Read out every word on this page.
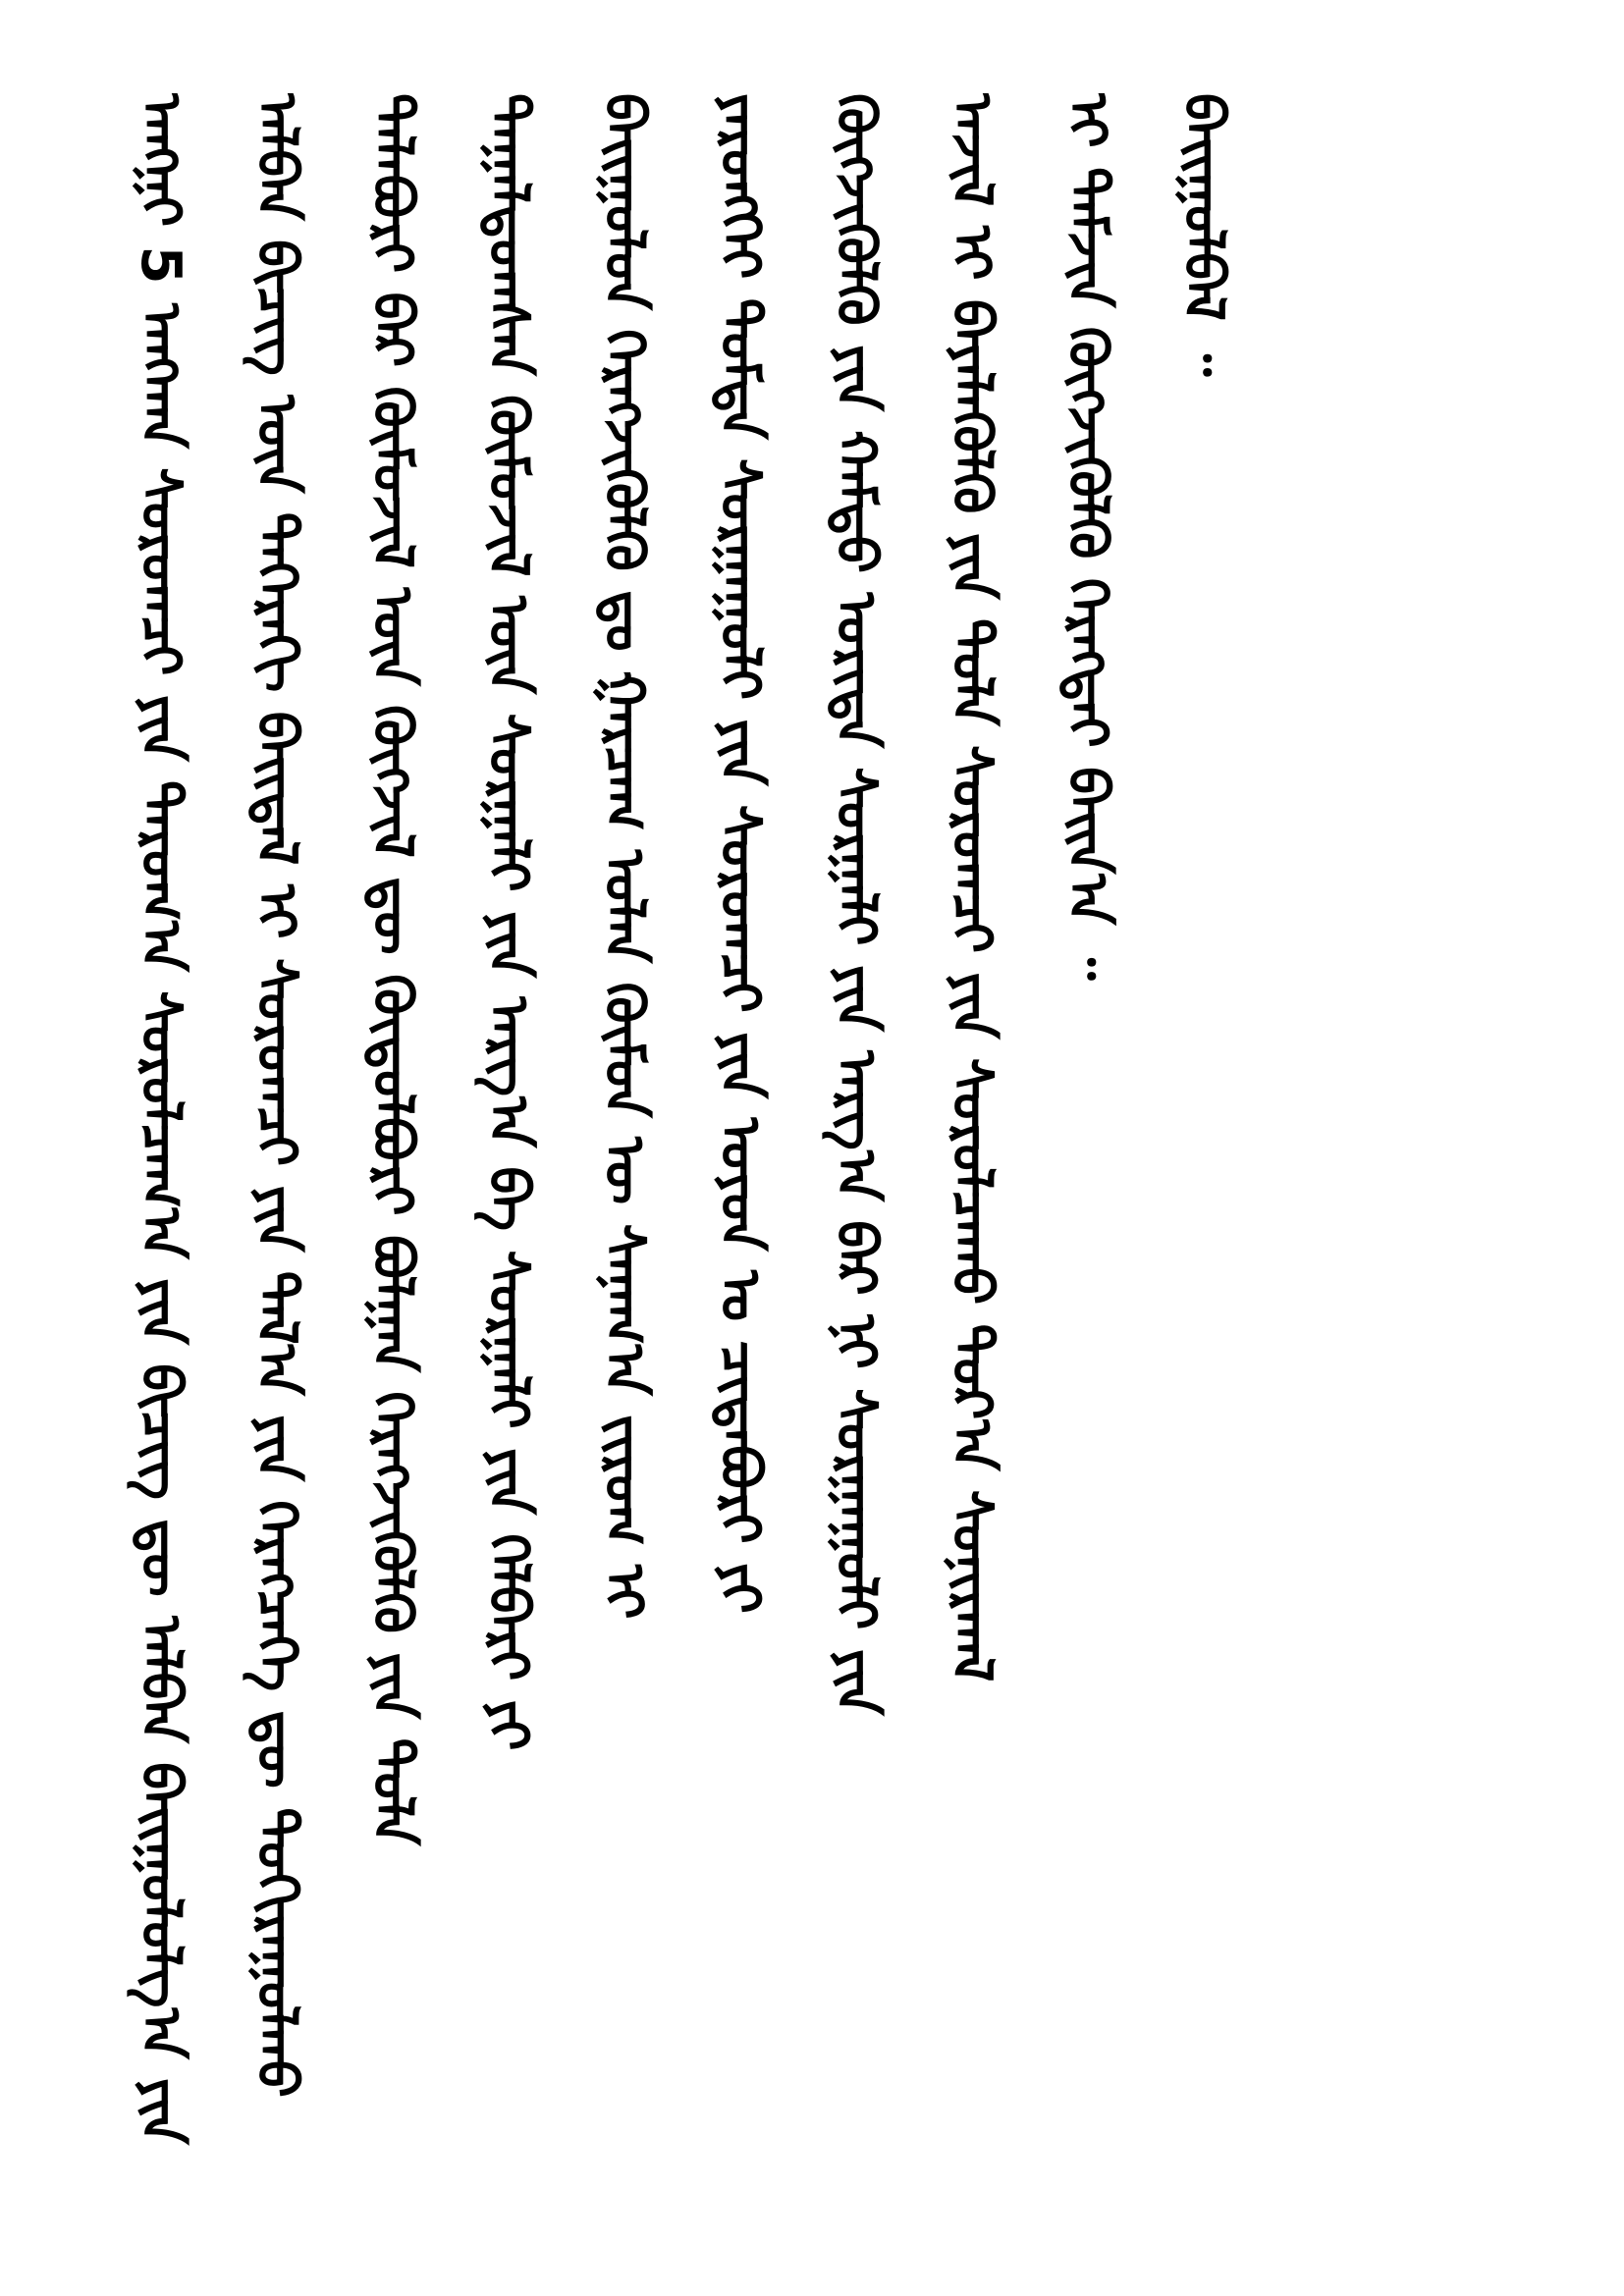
ᠠᠩᠭ᠋ᠢ 5 ᠠᠩᠬᠠᠨ ᠰᠤᠷᠤᠭᠴᠢ ᠶᠢᠨ ᠳᠠᠷᠤᠭ᠎ᠠ ᠰᠤᠷᠤᠯᠴᠠᠭ᠎ᠠ ᠶᠢᠨ ᠪᠢᠴᠢᠭ ᠳᠦ ᠠᠯᠪᠠᠨ ᠪᠠᠢᠭᠤᠯᠤᠯᠭ᠎ᠠ ᠶᠢᠨ ᠠᠯᠪᠠᠨ ᠪᠢᠴᠢᠭ ᠦᠨ ᠳᠡᠭᠡᠷᠡᠬᠢ ᠪᠠᠢᠳᠠᠯ ᠢ ᠰᠤᠷᠤᠭᠴᠢ ᠶᠢᠨ ᠲᠠᠯ᠎ᠠ ᠶᠢᠨ ᠬᠡᠷᠡᠭᠴᠡᠭᠡ ᠳᠦ ᠲᠣᠬᠢᠷᠠᠭᠤᠯᠬᠤ ᠲᠠᠯᠠᠪᠤᠷᠢ ᠪᠠᠷ ᠬᠦᠮᠦᠵᠢᠯ ᠦᠨ ᠬᠥᠭᠵᠢᠯ ᠳᠦ ᠬᠥᠲᠦᠯᠪᠦᠷᠢ ᠪᠣᠯᠭᠠᠨ ᠬᠡᠷᠡᠭᠵᠢᠭᠦᠯᠬᠦ ᠶᠢᠨ ᠲᠤᠯᠠ ᠳᠠᠭᠠᠯᠳᠤᠭᠰᠠᠨ ᠬᠥᠮᠦᠵᠢᠯ ᠦᠨ ᠰᠤᠷᠭᠠᠯᠢ ᠶᠢᠨ ᠠᠷᠭ᠎ᠠ ᠪᠠ ᠰᠤᠷᠭᠠᠯᠢ ᠶᠢᠨ ᠬᠡᠯᠪᠡᠷᠢ ᠶᠢ ᠪᠠᠢᠭᠤᠯᠤᠨ ᠬᠡᠷᠡᠭᠵᠢᠭᠦᠯᠬᠦ ᠳᠤ ᠭᠠᠷᠴᠠᠭ ᠣᠯᠠᠨ ᠬᠦᠮᠦᠨ ᠦ ᠰᠠᠨᠠᠭ᠎ᠠ ᠵᠢᠷᠤᠭ ᠢ ᠶᠡᠷᠦᠩᠬᠡᠢ ᠳᠤᠮᠳᠠ ᠰᠤᠷᠭᠠᠭᠤᠯᠢ ᠶᠢᠨ ᠰᠤᠷᠤᠭᠴᠢ ᠶᠢᠨ ᠣᠶᠤᠨ ᠤ ᠴᠢᠳᠠᠪᠤᠷᠢ ᠶᠢ ᠬᠥᠭᠵᠢᠭᠦᠯᠬᠦ ᠶᠢᠨ ᠬᠠᠮᠲᠤ ᠤᠷᠢᠳᠠ ᠰᠤᠷᠭᠠᠯᠢ ᠶᠢᠨ ᠠᠷᠭ᠎ᠠ ᠪᠠᠷ ᠨᠢ ᠰᠤᠷᠭᠠᠭᠤᠯᠢ ᠶᠢᠨ ᠠᠵᠢᠯ ᠢ ᠪᠡᠶᠡᠯᠡᠭᠦᠯᠬᠦ ᠶᠢᠨ ᠲᠤᠯᠠ ᠰᠤᠷᠤᠭᠴᠢ ᠶᠢᠨ ᠰᠤᠷᠤᠯᠴᠠᠬᠤ ᠳᠤᠷ᠎ᠠ ᠰᠣᠨᠢᠷᠬᠠᠯ ᠢ ᠳᠡᠮᠵᠢᠨ ᠬᠥᠭᠵᠢᠭᠦᠯᠬᠦ ᠬᠡᠷᠡᠭᠲᠡᠢ ᠪᠠᠢᠨ᠎ᠠ ᠃ ᠪᠠᠢᠭᠤᠯᠪᠠᠯ ᠃
